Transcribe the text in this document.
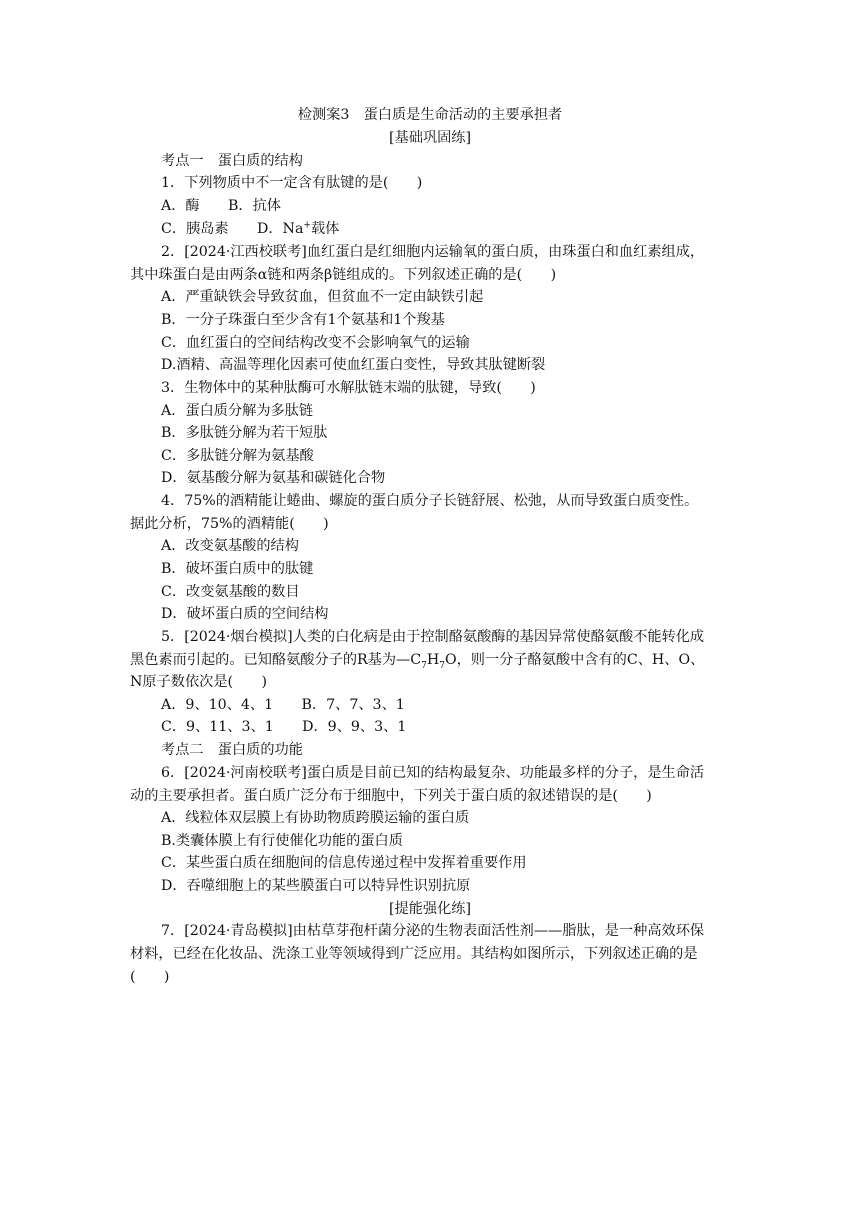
检测案3　蛋白质是生命活动的主要承担者
[基础巩固练]
考点一　蛋白质的结构
1．下列物质中不一定含有肽键的是(　　)
A．酶　　B．抗体
C．胰岛素　　D．Na+载体
2．[2024·江西校联考]血红蛋白是红细胞内运输氧的蛋白质，由珠蛋白和血红素组成，
其中珠蛋白是由两条α链和两条β链组成的。下列叙述正确的是(　　)
A．严重缺铁会导致贫血，但贫血不一定由缺铁引起
B．一分子珠蛋白至少含有1个氨基和1个羧基
C．血红蛋白的空间结构改变不会影响氧气的运输
D.酒精、高温等理化因素可使血红蛋白变性，导致其肽键断裂
3．生物体中的某种肽酶可水解肽链末端的肽键，导致(　　)
A．蛋白质分解为多肽链
B．多肽链分解为若干短肽
C．多肽链分解为氨基酸
D．氨基酸分解为氨基和碳链化合物
4．75%的酒精能让蜷曲、螺旋的蛋白质分子长链舒展、松弛，从而导致蛋白质变性。
据此分析，75%的酒精能(　　)
A．改变氨基酸的结构
B．破坏蛋白质中的肽键
C．改变氨基酸的数目
D．破坏蛋白质的空间结构
5．[2024·烟台模拟]人类的白化病是由于控制酪氨酸酶的基因异常使酪氨酸不能转化成
黑色素而引起的。已知酪氨酸分子的R基为$—C_7H_7O$，则一分子酪氨酸中含有的C、H、O、
N原子数依次是(　　)
A．9、10、4、1　　B．7、7、3、1
C．9、11、3、1　　D．9、9、3、1
考点二　蛋白质的功能
6．[2024·河南校联考]蛋白质是目前已知的结构最复杂、功能最多样的分子，是生命活
动的主要承担者。蛋白质广泛分布于细胞中，下列关于蛋白质的叙述错误的是(　　)
A．线粒体双层膜上有协助物质跨膜运输的蛋白质
B.类囊体膜上有行使催化功能的蛋白质
C．某些蛋白质在细胞间的信息传递过程中发挥着重要作用
D．吞噬细胞上的某些膜蛋白可以特异性识别抗原
[提能强化练]
7．[2024·青岛模拟]由枯草芽孢杆菌分泌的生物表面活性剂——脂肽，是一种高效环保
材料，已经在化妆品、洗涤工业等领域得到广泛应用。其结构如图所示，下列叙述正确的是
(　　)
